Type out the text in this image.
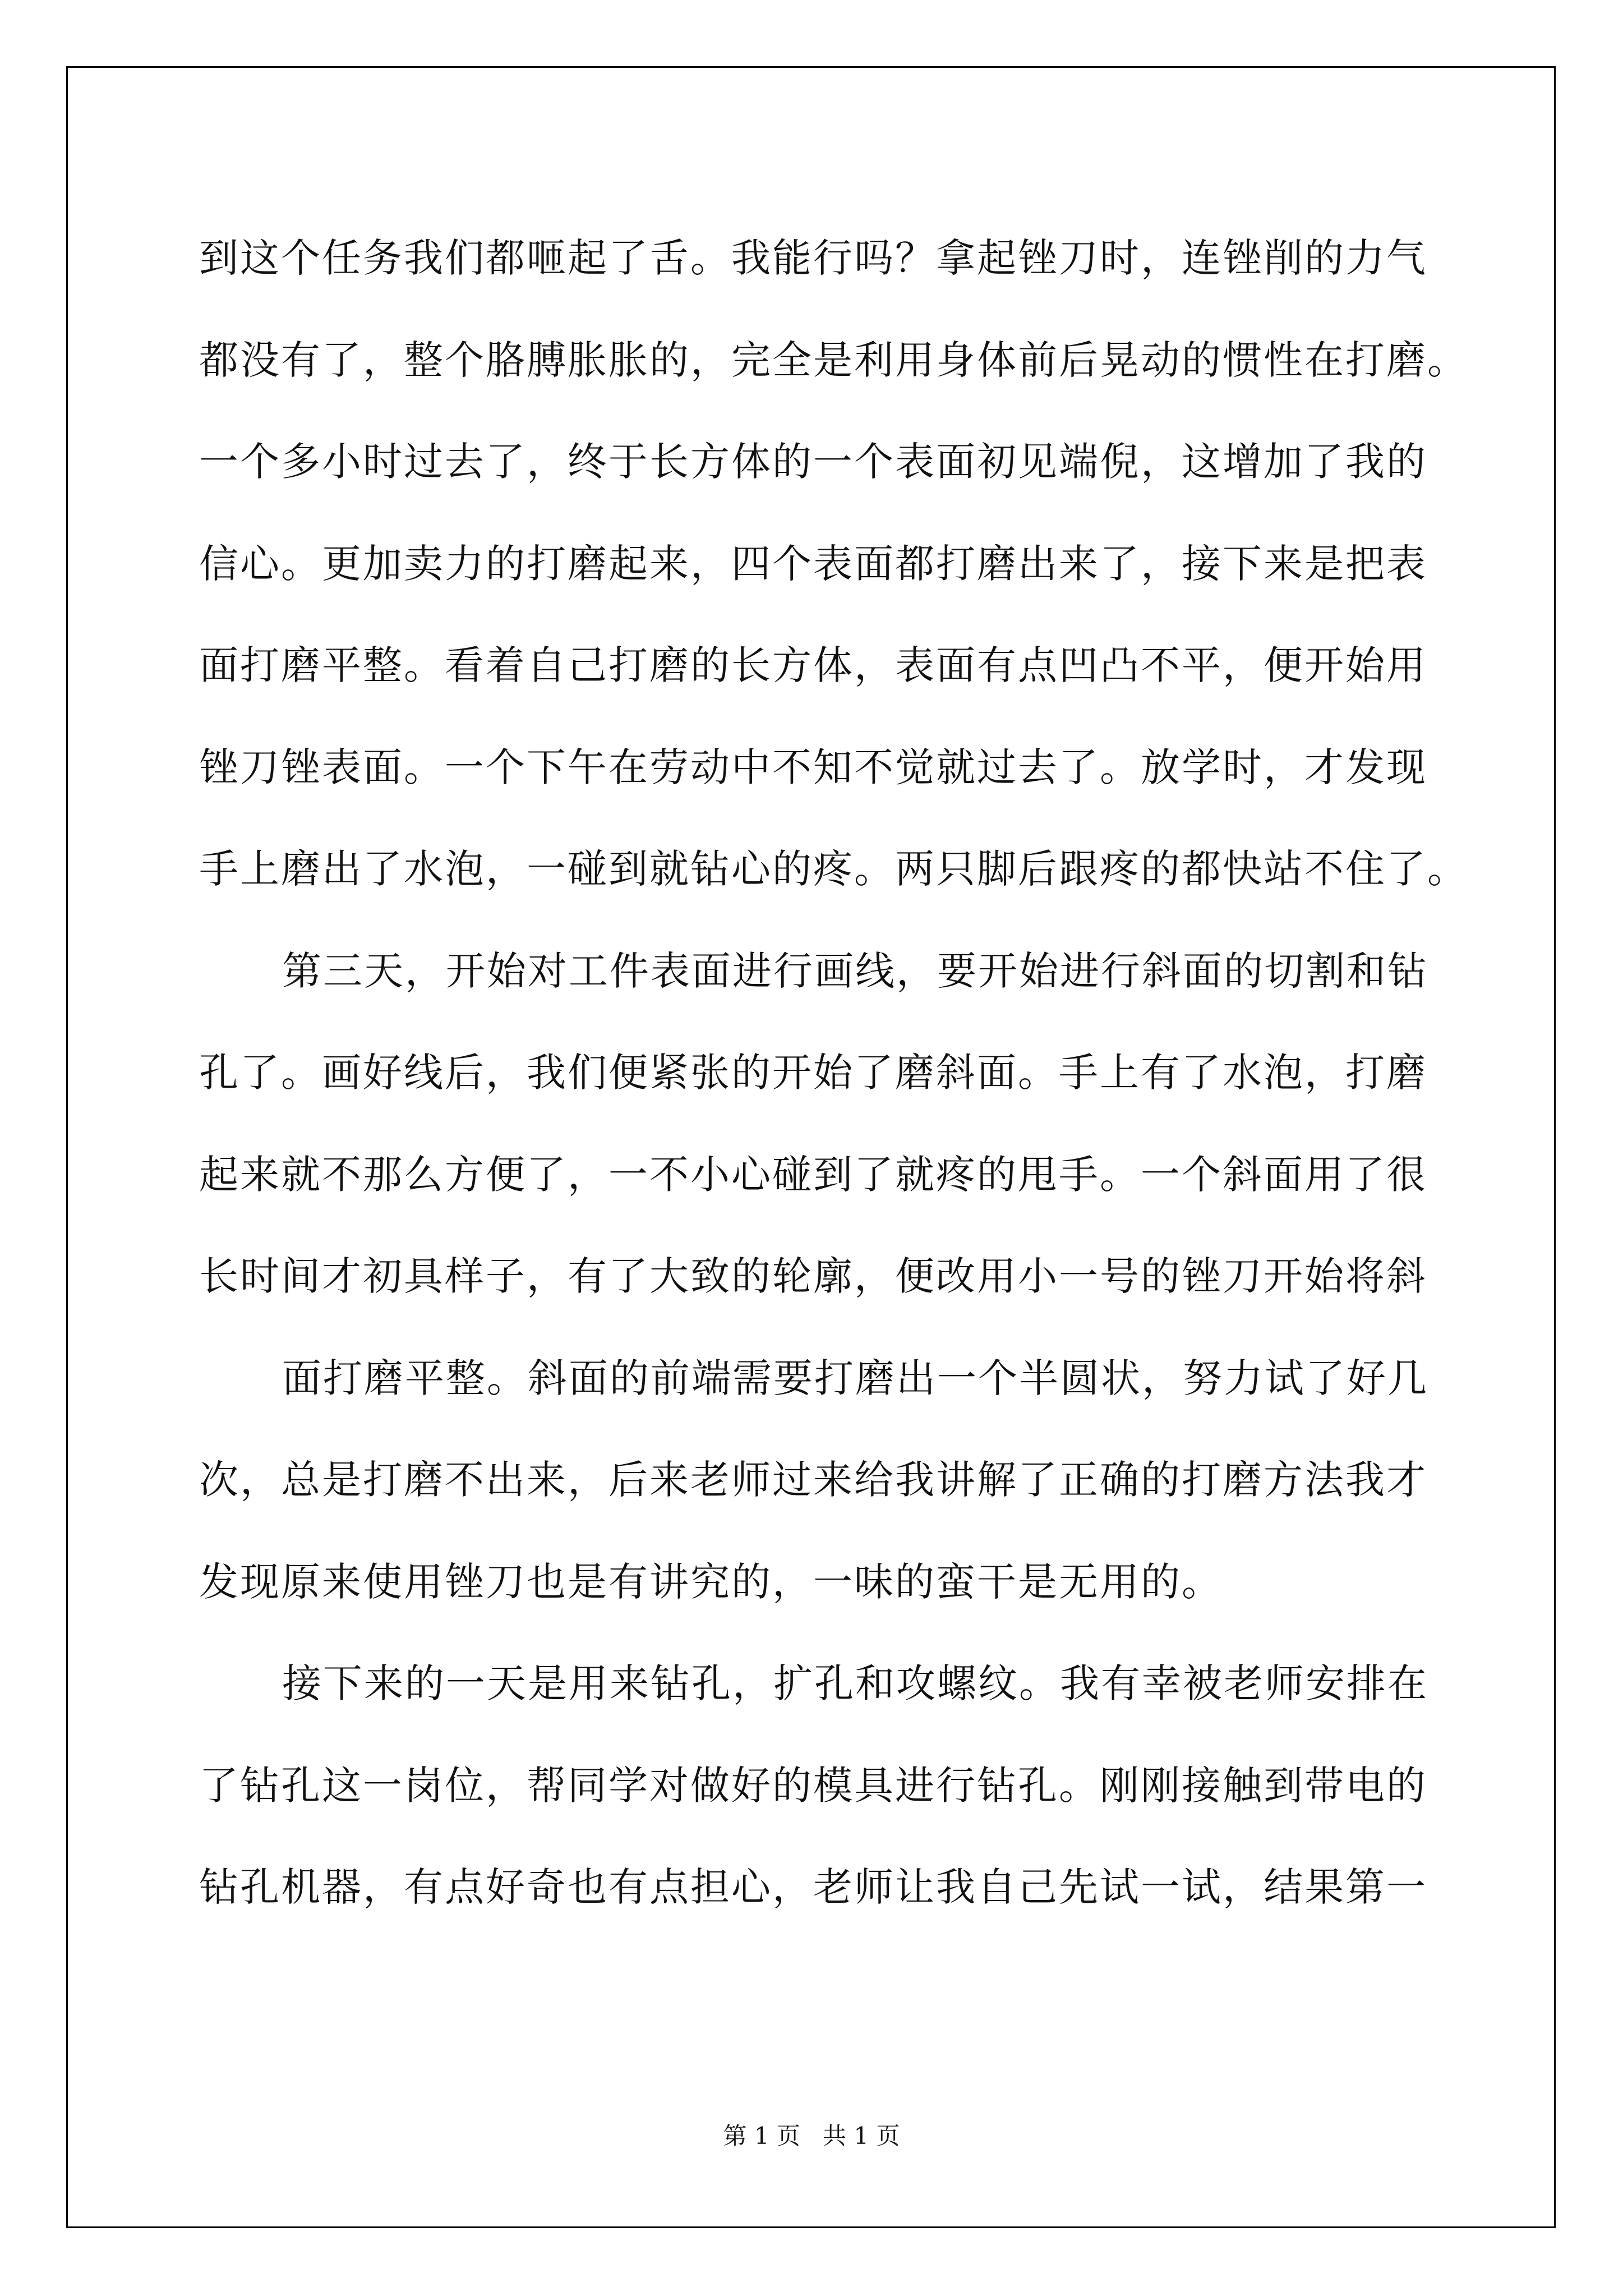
到这个任务我们都咂起了舌。我能行吗？拿起锉刀时，连锉削的力气
都没有了，整个胳膊胀胀的，完全是利用身体前后晃动的惯性在打磨。
一个多小时过去了，终于长方体的一个表面初见端倪，这增加了我的
信心。更加卖力的打磨起来，四个表面都打磨出来了，接下来是把表
面打磨平整。看着自己打磨的长方体，表面有点凹凸不平，便开始用
锉刀锉表面。一个下午在劳动中不知不觉就过去了。放学时，才发现
手上磨出了水泡，一碰到就钻心的疼。两只脚后跟疼的都快站不住了。
第三天，开始对工件表面进行画线，要开始进行斜面的切割和钻
孔了。画好线后，我们便紧张的开始了磨斜面。手上有了水泡，打磨
起来就不那么方便了，一不小心碰到了就疼的甩手。一个斜面用了很
长时间才初具样子，有了大致的轮廓，便改用小一号的锉刀开始将斜
面打磨平整。斜面的前端需要打磨出一个半圆状，努力试了好几
次，总是打磨不出来，后来老师过来给我讲解了正确的打磨方法我才
发现原来使用锉刀也是有讲究的，一味的蛮干是无用的。
接下来的一天是用来钻孔，扩孔和攻螺纹。我有幸被老师安排在
了钻孔这一岗位，帮同学对做好的模具进行钻孔。刚刚接触到带电的
钻孔机器，有点好奇也有点担心，老师让我自己先试一试，结果第一
第 1 页   共 1 页
